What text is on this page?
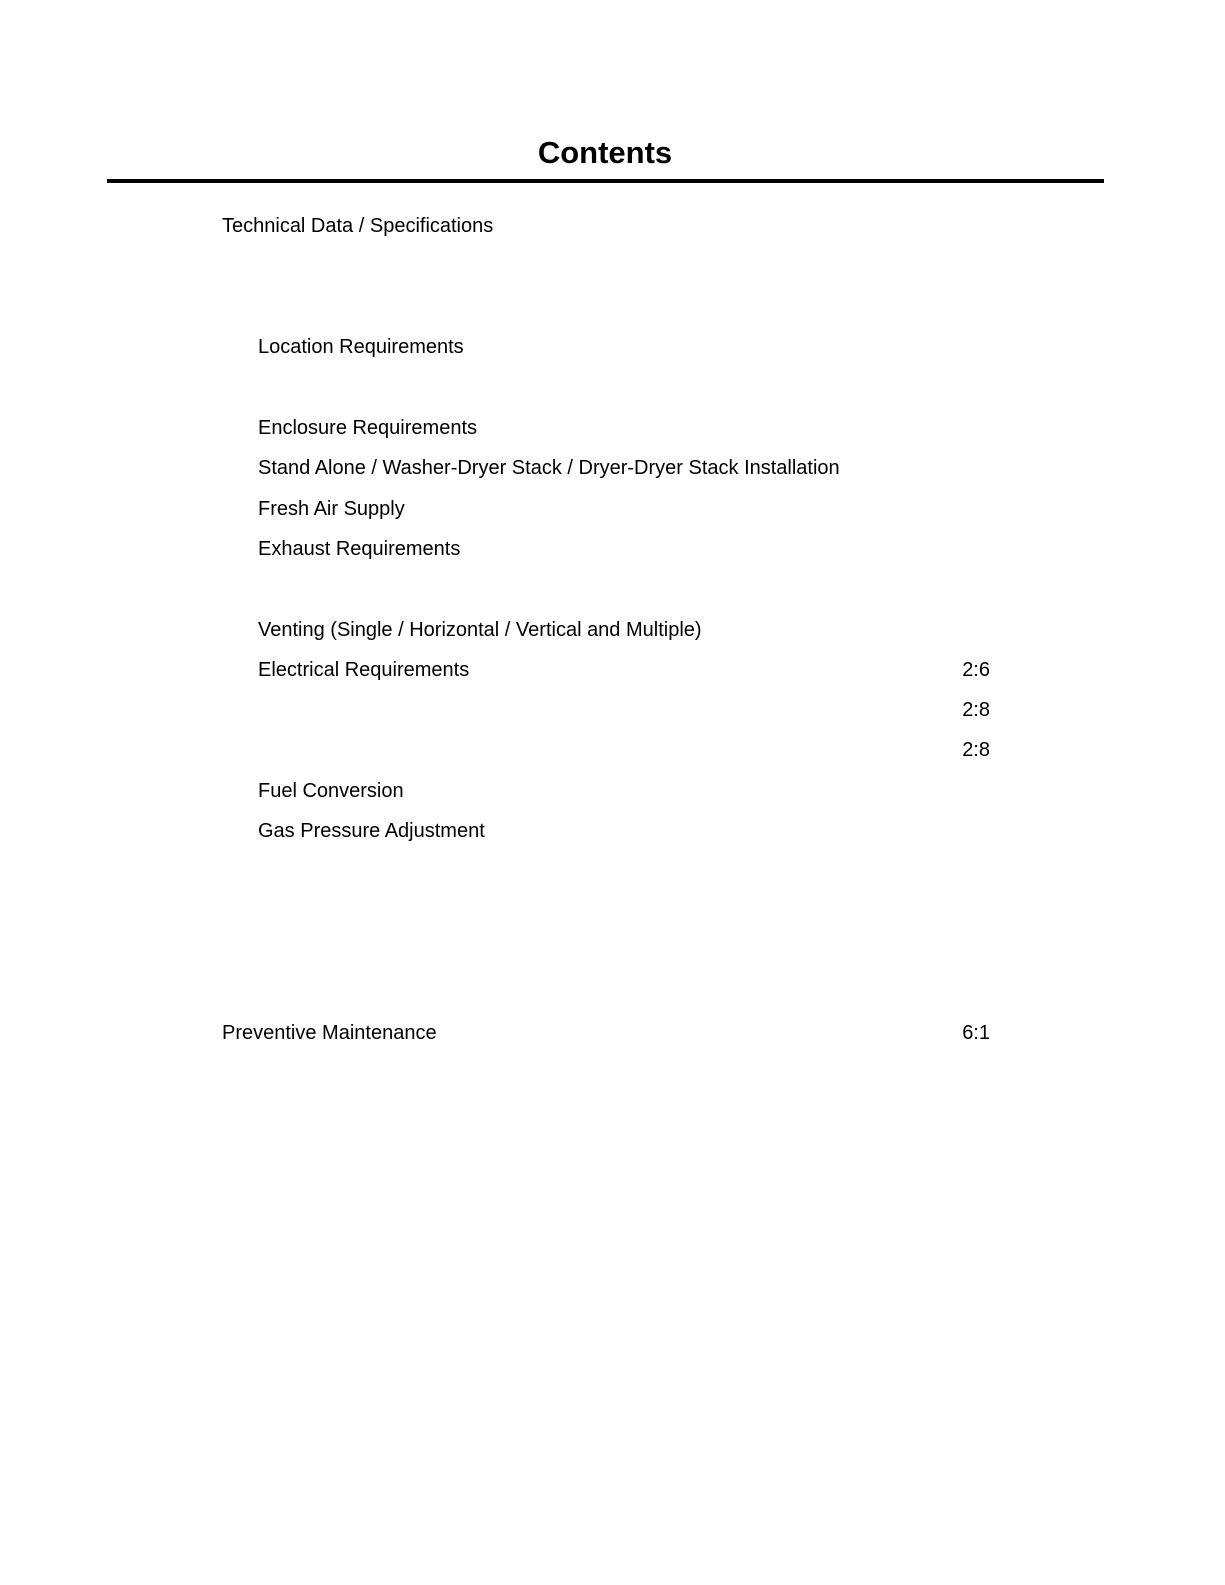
Contents
Technical Data / Specifications
Location Requirements
Enclosure Requirements
Stand Alone / Washer-Dryer Stack / Dryer-Dryer Stack Installation
Fresh Air Supply
Exhaust Requirements
Venting (Single / Horizontal / Vertical and Multiple)
Electrical Requirements	2:6
2:8
2:8
Fuel Conversion
Gas Pressure Adjustment
Preventive Maintenance	6:1
